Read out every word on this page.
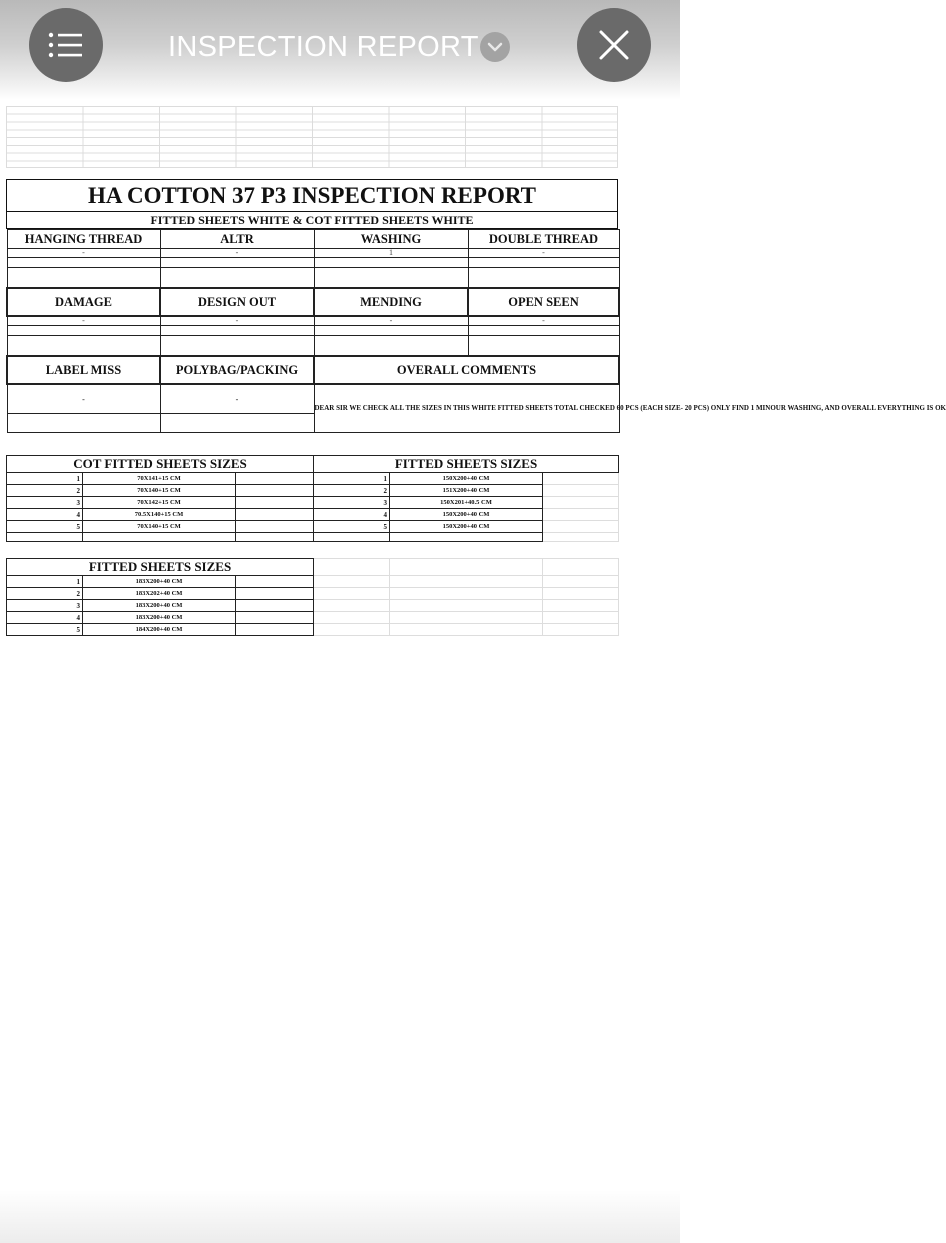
INSPECTION REPORT
HA COTTON 37 P3 INSPECTION REPORT
FITTED SHEETS WHITE & COT FITTED SHEETS WHITE
HANGING THREAD	ALTR	WASHING	DOUBLE THREAD
-	-	1	-

DAMAGE	DESIGN OUT	MENDING	OPEN SEEN
-	-	-	-

LABEL MISS	POLYBAG/PACKING	OVERALL COMMENTS	
-	-	DEAR SIR WE CHECK ALL THE SIZES IN THIS WHITE FITTED SHEETS TOTAL CHECKED 60 PCS (EACH SIZE- 20 PCS) ONLY FIND 1 MINOUR WASHING, AND OVERALL EVERYTHING IS OK	

COT FITTED SHEETS SIZES			FITTED SHEETS SIZES		
1	70X141+15 CM		1	150X200+40 CM	
2	70X140+15 CM		2	151X200+40 CM	
3	70X142+15 CM		3	150X201+40.5 CM	
4	70.5X140+15 CM		4	150X200+40 CM	
5	70X140+15 CM		5	150X200+40 CM	

FITTED SHEETS SIZES					
1	183X200+40 CM				
2	183X202+40 CM				
3	183X200+40 CM				
4	183X200+40 CM				
5	184X200+40 CM				
